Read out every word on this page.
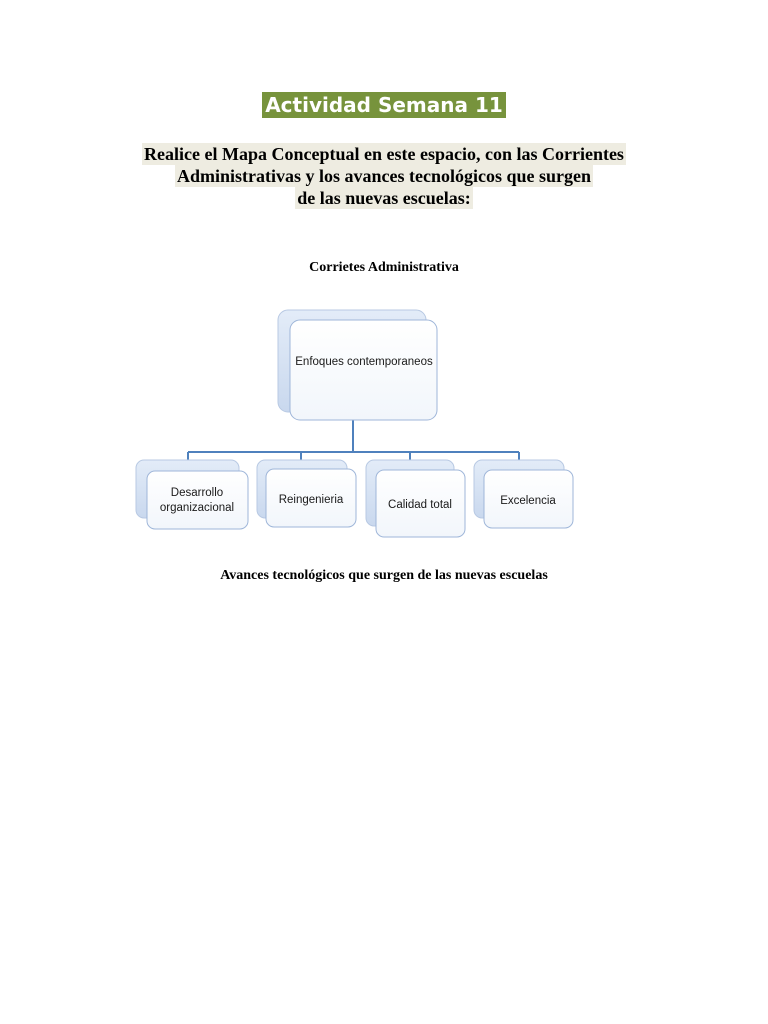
Actividad Semana 11
Realice el Mapa Conceptual en este espacio, con las Corrientes
Administrativas y los avances tecnológicos que surgen
de las nuevas escuelas:
Corrietes Administrativa
Enfoques contemporaneos
Desarrollo
organizacional
Reingenieria	Calidad total	Excelencia
Avances tecnológicos que surgen de las nuevas escuelas
